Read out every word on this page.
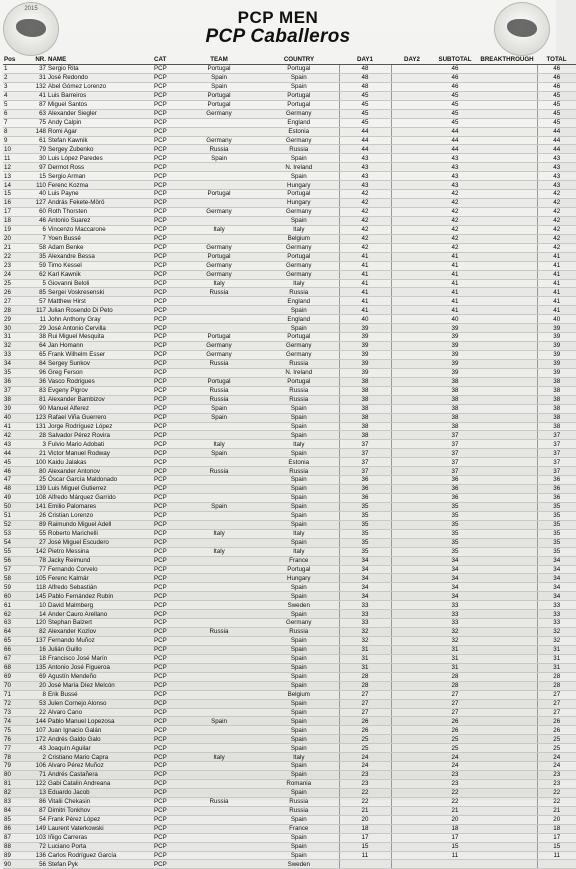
2015	PCP MEN
PCP Caballeros
Pos	NR.	NAME	CAT	TEAM	COUNTRY	DAY1	DAY2	SUBTOTAL	BREAKTHROUGH	TOTAL
1	37	Sergio Rita	PCP	Portugal	Portugal	48		46		46
2	31	José Redondo	PCP	Spain	Spain	48		46		46
3	132	Abel Gómez Lorenzo	PCP	Spain	Spain	48		46		46
4	41	Luis Barreiros	PCP	Portugal	Portugal	45		45		45
5	87	Miguel Santos	PCP	Portugal	Portugal	45		45		45
6	63	Alexander Siegler	PCP	Germany	Germany	45		45		45
7	75	Andy Calpin	PCP		England	45		45		45
8	148	Romi Agar	PCP		Estonia	44		44		44
9	61	Stefan Kawnik	PCP	Germany	Germany	44		44		44
10	79	Sergey Zubenko	PCP	Russia	Russia	44		44		44
11	30	Luis López Paredes	PCP	Spain	Spain	43		43		43
12	97	Dermot Ross	PCP		N. Ireland	43		43		43
13	15	Sergio Arman	PCP		Spain	43		43		43
14	110	Ferenc Kozma	PCP		Hungary	43		43		43
15	40	Luis Payne	PCP	Portugal	Portugal	42		42		42
16	127	András Fekete-Mörö	PCP		Hungary	42		42		42
17	60	Roth Thorsten	PCP	Germany	Germany	42		42		42
18	46	Antonio Suarez	PCP		Spain	42		42		42
19	6	Vincenzo Maccarone	PCP	Italy	Italy	42		42		42
20	7	Yoen Bussé	PCP		Belgium	42		42		42
21	58	Adam Benke	PCP	Germany	Germany	42		42		42
22	35	Alexandre Bessa	PCP	Portugal	Portugal	41		41		41
23	59	Timo Kessel	PCP	Germany	Germany	41		41		41
24	62	Karl Kawnik	PCP	Germany	Germany	41		41		41
25	5	Giovanni Beloli	PCP	Italy	Italy	41		41		41
26	85	Sergei Voskresenski	PCP	Russia	Russia	41		41		41
27	57	Matthew Hirst	PCP		England	41		41		41
28	117	Julian Rosendo Di Peto	PCP		Spain	41		41		41
29	11	John Anthony Gray	PCP		England	40		40		40
30	29	José Antonio Cervilla	PCP		Spain	39		39		39
31	38	Rui Miguel Mesquita	PCP	Portugal	Portugal	39		39		39
32	64	Jan Homann	PCP	Germany	Germany	39		39		39
33	65	Frank Wilhelm Esser	PCP	Germany	Germany	39		39		39
34	84	Sergey Sunkov	PCP	Russia	Russia	39		39		39
35	96	Greg Ferson	PCP		N. Ireland	39		39		39
36	36	Vasco Rodrigues	PCP	Portugal	Portugal	38		38		38
37	83	Evgeny Pigrov	PCP	Russia	Russia	38		38		38
38	81	Alexander Bambizov	PCP	Russia	Russia	38		38		38
39	90	Manuel Alferez	PCP	Spain	Spain	38		38		38
40	123	Rafael Viña Guerrero	PCP	Spain	Spain	38		38		38
41	131	Jorge Rodríguez López	PCP		Spain	38		38		38
42	28	Salvador Pérez Rovira	PCP		Spain	38		37		37
43	3	Fulvio Mario Adobati	PCP	Italy	Italy	37		37		37
44	21	Victor Manuel Rodway	PCP	Spain	Spain	37		37		37
45	100	Kaidu Jalakas	PCP		Estonia	37		37		37
46	80	Alexander Antonov	PCP	Russia	Russia	37		37		37
47	25	Óscar García Maldonado	PCP		Spain	36		36		36
48	139	Luis Miguel Gutierrez	PCP		Spain	36		36		36
49	108	Alfredo Márquez Garrido	PCP		Spain	36		36		36
50	141	Emilio Palomares	PCP	Spain	Spain	35		35		35
51	26	Cristian Lorenzo	PCP		Spain	35		35		35
52	89	Raimundo Miguel Adell	PCP		Spain	35		35		35
53	55	Roberto Marichelli	PCP	Italy	Italy	35		35		35
54	27	José Miguel Escudero	PCP		Spain	35		35		35
55	142	Pietro Messina	PCP	Italy	Italy	35		35		35
56	78	Jacky Reimund	PCP		France	34		34		34
57	77	Fernando Corvelo	PCP		Portugal	34		34		34
58	105	Ferenc Kalmár	PCP		Hungary	34		34		34
59	118	Alfredo Sebastián	PCP		Spain	34		34		34
60	145	Pablo Fernández Rubín	PCP		Spain	34		34		34
61	10	David Malmberg	PCP		Sweden	33		33		33
62	14	Ander Cauro Arellano	PCP		Spain	33		33		33
63	120	Stephan Balzert	PCP		Germany	33		33		33
64	82	Alexander Kozlov	PCP	Russia	Russia	32		32		32
65	137	Fernando Muñoz	PCP		Spain	32		32		32
66	16	Julián Guillo	PCP		Spain	31		31		31
67	18	Francisco José Marín	PCP		Spain	31		31		31
68	135	Antonio José Figueroa	PCP		Spain	31		31		31
69	69	Agustín Mendeño	PCP		Spain	28		28		28
70	20	José María Díez Melcón	PCP		Spain	28		28		28
71	8	Erik Bussé	PCP		Belgium	27		27		27
72	53	Julen Cornejo Alonso	PCP		Spain	27		27		27
73	22	Alvaro Cano	PCP		Spain	27		27		27
74	144	Pablo Manuel Lopezosa	PCP	Spain	Spain	26		26		26
75	107	Juan Ignacio Galán	PCP		Spain	26		26		26
76	172	Andrés Galdo Galo	PCP		Spain	25		25		25
77	43	Joaquín Aguilar	PCP		Spain	25		25		25
78	2	Cristiano Mario Capra	PCP	Italy	Italy	24		24		24
79	106	Alvaro Pérez Muñoz	PCP		Spain	24		24		24
80	71	Andrés Castañera	PCP		Spain	23		23		23
81	122	Gabi Catalin Andreana	PCP		Romania	23		23		23
82	13	Eduardo Jacob	PCP		Spain	22		22		22
83	86	Vitalii Chekasin	PCP	Russia	Russia	22		22		22
84	87	Dimitri Tonkhov	PCP		Russia	21		21		21
85	54	Frank Pérez López	PCP		Spain	20		20		20
86	149	Laurent Vaterkowski	PCP		France	18		18		18
87	103	Iñigo Carreras	PCP		Spain	17		17		17
88	72	Luciano Porta	PCP		Spain	15		15		15
89	136	Carlos Rodríguez García	PCP		Spain	11		11		11
90	56	Stefan Pyk	PCP		Sweden					
